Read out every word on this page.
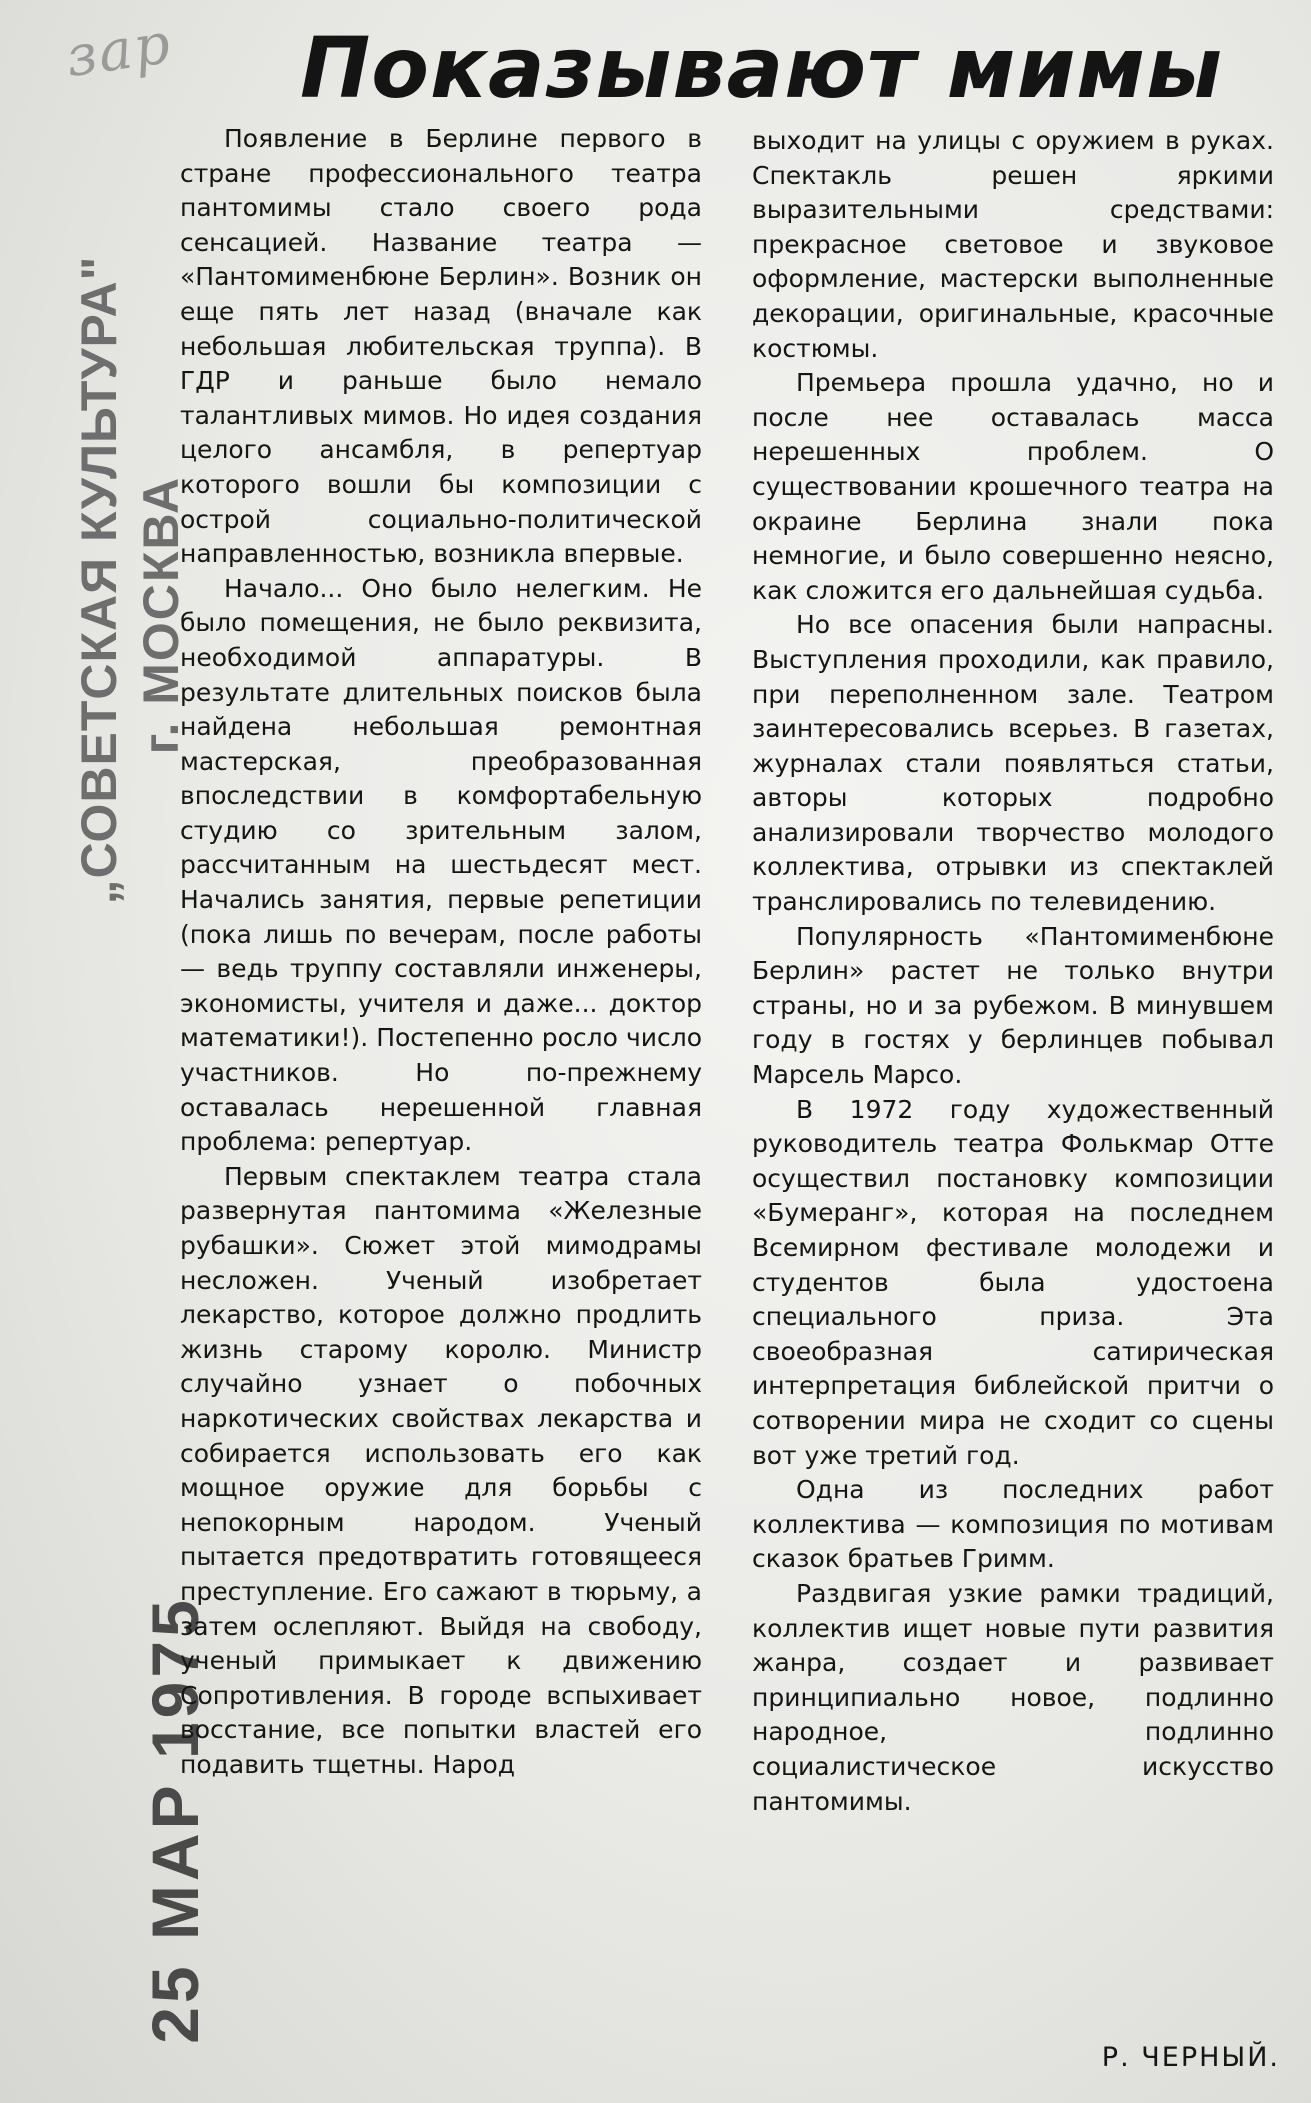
зар	Показывают мимы
„СОВЕТСКАЯ КУЛЬТУРА" г. МОСКВА
25 МАР 1975

Появление в Берлине первого в стране профессионального театра пантомимы стало своего рода сенсацией. Название театра — «Пантомименбюне Берлин». Возник он еще пять лет назад (вначале как небольшая любительская труппа). В ГДР и раньше было немало талантливых мимов. Но идея создания целого ансамбля, в репертуар которого вошли бы композиции с острой социально-политической направленностью, возникла впервые.

Начало... Оно было нелегким. Не было помещения, не было реквизита, необходимой аппаратуры. В результате длительных поисков была найдена небольшая ремонтная мастерская, преобразованная впоследствии в комфортабельную студию со зрительным залом, рассчитанным на шестьдесят мест. Начались занятия, первые репетиции (пока лишь по вечерам, после работы — ведь труппу составляли инженеры, экономисты, учителя и даже... доктор математики!). Постепенно росло число участников. Но по-прежнему оставалась нерешенной главная проблема: репертуар.

Первым спектаклем театра стала развернутая пантомима «Железные рубашки». Сюжет этой мимодрамы несложен. Ученый изобретает лекарство, которое должно продлить жизнь старому королю. Министр случайно узнает о побочных наркотических свойствах лекарства и собирается использовать его как мощное оружие для борьбы с непокорным народом. Ученый пытается предотвратить готовящееся преступление. Его сажают в тюрьму, а затем ослепляют. Выйдя на свободу, ученый примыкает к движению Сопротивления. В городе вспыхивает восстание, все попытки властей его подавить тщетны. Народ

выходит на улицы с оружием в руках. Спектакль решен яркими выразительными средствами: прекрасное световое и звуковое оформление, мастерски выполненные декорации, оригинальные, красочные костюмы.

Премьера прошла удачно, но и после нее оставалась масса нерешенных проблем. О существовании крошечного театра на окраине Берлина знали пока немногие, и было совершенно неясно, как сложится его дальнейшая судьба.

Но все опасения были напрасны. Выступления проходили, как правило, при переполненном зале. Театром заинтересовались всерьез. В газетах, журналах стали появляться статьи, авторы которых подробно анализировали творчество молодого коллектива, отрывки из спектаклей транслировались по телевидению.

Популярность «Пантомименбюне Берлин» растет не только внутри страны, но и за рубежом. В минувшем году в гостях у берлинцев побывал Марсель Марсо.

В 1972 году художественный руководитель театра Фолькмар Отте осуществил постановку композиции «Бумеранг», которая на последнем Всемирном фестивале молодежи и студентов была удостоена специального приза. Эта своеобразная сатирическая интерпретация библейской притчи о сотворении мира не сходит со сцены вот уже третий год.

Одна из последних работ коллектива — композиция по мотивам сказок братьев Гримм.

Раздвигая узкие рамки традиций, коллектив ищет новые пути развития жанра, создает и развивает принципиально новое, подлинно народное, подлинно социалистическое искусство пантомимы.

Р. ЧЕРНЫЙ.
